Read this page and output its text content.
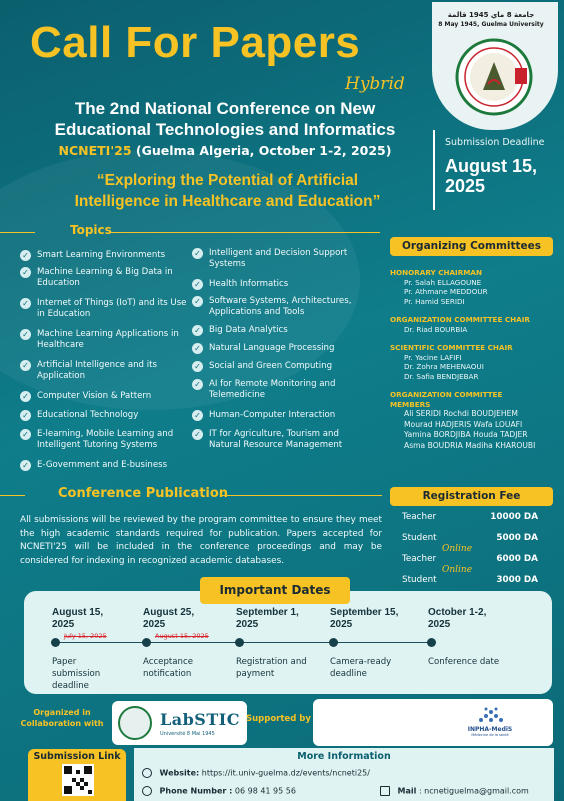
Call For Papers
Hybrid
The 2nd National Conference on New
Educational Technologies and Informatics
NCNETI'25 (Guelma Algeria, October 1-2, 2025)
“Exploring the Potential of Artificial
Intelligence in Healthcare and Education”
جامعة 8 ماي 1945 قالمة
8 May 1945, Guelma University
Submission Deadline
August 15,
2025
Topics
✓ Smart Learning Environments
✓ Machine Learning & Big Data in Education
✓ Internet of Things (IoT) and its Use in Education
✓ Machine Learning Applications in Healthcare
✓ Artificial Intelligence and its Application
✓ Computer Vision & Pattern
✓ Educational Technology
✓ E-learning, Mobile Learning and Intelligent Tutoring Systems
✓ E-Government and E-business
✓ Intelligent and Decision Support Systems
✓ Health Informatics
✓ Software Systems, Architectures, Applications and Tools
✓ Big Data Analytics
✓ Natural Language Processing
✓ Social and Green Computing
✓ AI for Remote Monitoring and Telemedicine
✓ Human-Computer Interaction
✓ IT for Agriculture, Tourism and Natural Resource Management
Organizing Committees
HONORARY CHAIRMAN
Pr. Salah ELLAGOUNE
Pr. Athmane MEDDOUR
Pr. Hamid SERIDI
ORGANIZATION COMMITTEE CHAIR
Dr. Riad BOURBIA
SCIENTIFIC COMMITTEE CHAIR
Pr. Yacine LAFIFI
Dr. Zohra MEHENAOUI
Dr. Safia BENDJEBAR
ORGANIZATION COMMITTEE MEMBERS
Ali SERIDI Rochdi BOUDJEHEM
Mourad HADJERIS Wafa LOUAFI
Yamina BORDJIBA Houda TADJER
Asma BOUDRIA Madiha KHAROUBI
Conference Publication
All submissions will be reviewed by the program committee to ensure they meet the high academic standards required for publication. Papers accepted for NCNETI'25 will be included in the conference proceedings and may be considered for indexing in recognized academic databases.
Registration Fee
Teacher	10000 DA
Student	5000 DA
Teacher	6000 DA
Online
Student	3000 DA
Online
Important Dates
August 15,
2025
July 15, 2025
Paper submission deadline
August 25,
2025
August 15, 2025
Acceptance notification
September 1,
2025
Registration and payment
September 15,
2025
Camera-ready deadline
October 1-2,
2025
Conference date
Organized in Collaboration with	LabSTIC
Université 8 Mai 1945
Supported by
INPHA-MediS
Médecine de la santé
Submission Link	More Information
Website: https://it.univ-guelma.dz/events/ncneti25/
Phone Number : 06 98 41 95 56	Mail : ncnetiguelma@gmail.com
